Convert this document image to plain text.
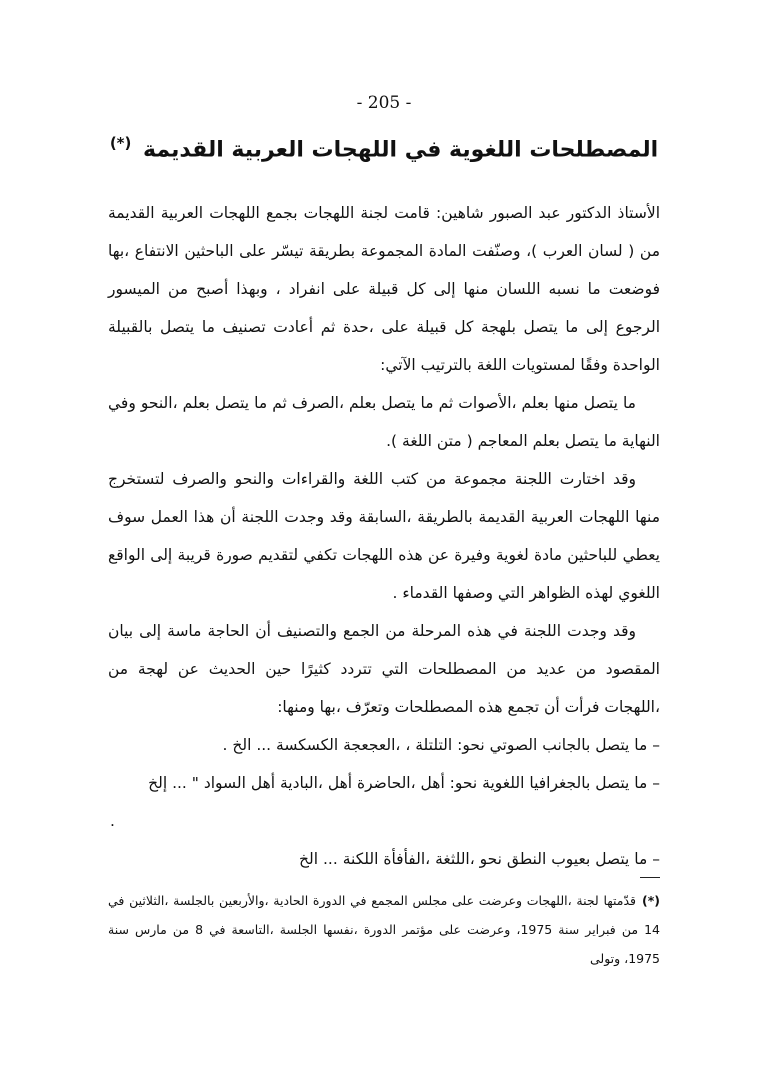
- 205 -
المصطلحات اللغوية في اللهجات العربية القديمة (*)

الأستاذ الدكتور عبد الصبور شاهين: قامت لجنة اللهجات بجمع اللهجات العربية القديمة من ( لسان العرب )، وصنّفت المادة المجموعة بطريقة تيسّر على الباحثين الانتفاع ،بها فوضعت ما نسبه اللسان منها إلى كل قبيلة على انفراد ، وبهذا أصبح من الميسور الرجوع إلى ما يتصل بلهجة كل قبيلة على ،حدة ثم أعادت تصنيف ما يتصل بالقبيلة الواحدة وفقًا لمستويات اللغة بالترتيب الآتي:

ما يتصل منها بعلم ،الأصوات ثم ما يتصل بعلم ،الصرف ثم ما يتصل بعلم ،النحو وفي النهاية ما يتصل بعلم المعاجم ( متن اللغة ).

وقد اختارت اللجنة مجموعة من كتب اللغة والقراءات والنحو والصرف لتستخرج منها اللهجات العربية القديمة بالطريقة ،السابقة وقد وجدت اللجنة أن هذا العمل سوف يعطي للباحثين مادة لغوية وفيرة عن هذه اللهجات تكفي لتقديم صورة قريبة إلى الواقع اللغوي لهذه الظواهر التي وصفها القدماء .

وقد وجدت اللجنة في هذه المرحلة من الجمع والتصنيف أن الحاجة ماسة إلى بيان المقصود من عديد من المصطلحات التي تتردد كثيرًا حين الحديث عن لهجة من ،اللهجات فرأت أن تجمع هذه المصطلحات وتعرّف ،بها ومنها:

– ما يتصل بالجانب الصوتي نحو: التلتلة ، ،العجعجة الكسكسة ... الخ .
– ما يتصل بالجغرافيا اللغوية نحو: أهل ،الحاضرة أهل ،البادية أهل السواد " ... إلخ
.
– ما يتصل بعيوب النطق نحو ،اللثغة ،الفأفأة اللكنة ... الخ
(*)قدّمتها لجنة ،اللهجات وعرضت على مجلس المجمع في الدورة الحادية ،والأربعين بالجلسة ،الثلاثين في 14 من فبراير سنة 1975، وعرضت على مؤتمر الدورة ،نفسها الجلسة ،التاسعة في 8 من مارس سنة 1975، وتولى
